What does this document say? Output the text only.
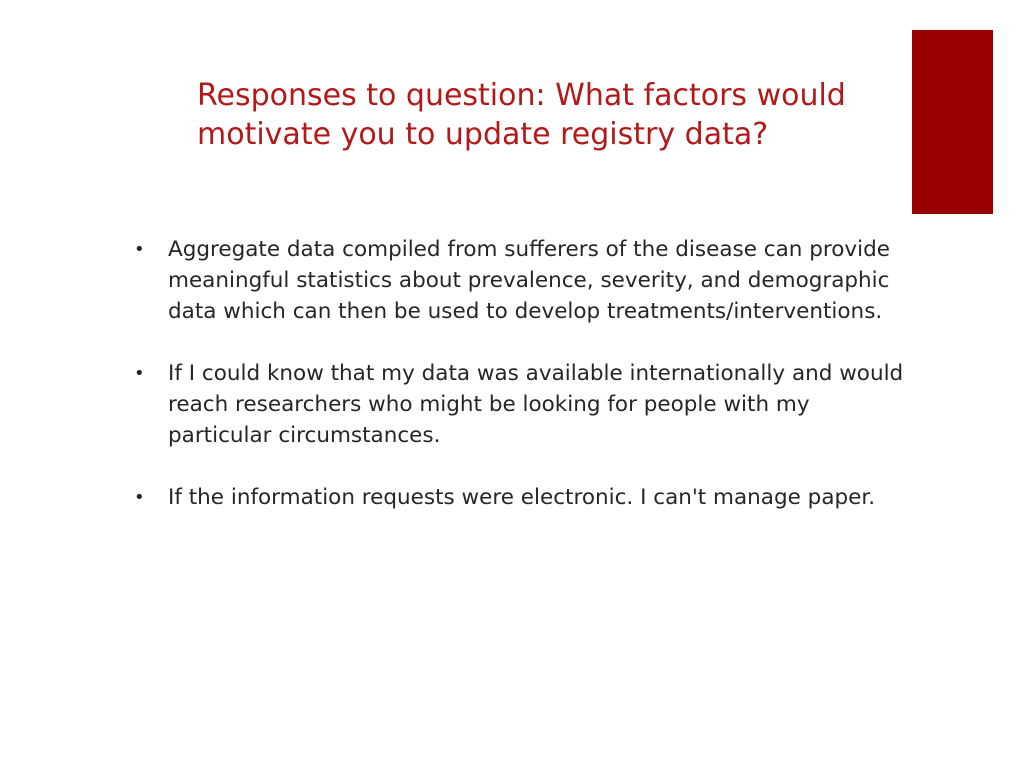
Responses to question: What factors would motivate you to update registry data?
•	Aggregate data compiled from sufferers of the disease can provide meaningful statistics about prevalence, severity, and demographic data which can then be used to develop treatments/interventions.
•	If I could know that my data was available internationally and would reach researchers who might be looking for people with my particular circumstances.
•	If the information requests were electronic. I can't manage paper.
